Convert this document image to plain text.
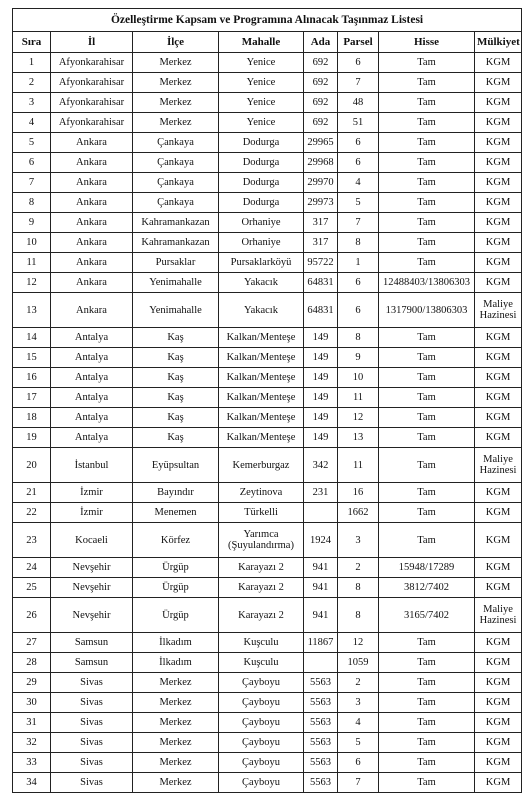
Özelleştirme Kapsam ve Programına Alınacak Taşınmaz Listesi							
Sıra	İl	İlçe	Mahalle	Ada	Parsel	Hisse	Mülkiyet
1	Afyonkarahisar	Merkez	Yenice	692	6	Tam	KGM
2	Afyonkarahisar	Merkez	Yenice	692	7	Tam	KGM
3	Afyonkarahisar	Merkez	Yenice	692	48	Tam	KGM
4	Afyonkarahisar	Merkez	Yenice	692	51	Tam	KGM
5	Ankara	Çankaya	Dodurga	29965	6	Tam	KGM
6	Ankara	Çankaya	Dodurga	29968	6	Tam	KGM
7	Ankara	Çankaya	Dodurga	29970	4	Tam	KGM
8	Ankara	Çankaya	Dodurga	29973	5	Tam	KGM
9	Ankara	Kahramankazan	Orhaniye	317	7	Tam	KGM
10	Ankara	Kahramankazan	Orhaniye	317	8	Tam	KGM
11	Ankara	Pursaklar	Pursaklarköyü	95722	1	Tam	KGM
12	Ankara	Yenimahalle	Yakacık	64831	6	12488403/13806303	KGM
13	Ankara	Yenimahalle	Yakacık	64831	6	1317900/13806303	Maliye Hazinesi
14	Antalya	Kaş	Kalkan/Menteşe	149	8	Tam	KGM
15	Antalya	Kaş	Kalkan/Menteşe	149	9	Tam	KGM
16	Antalya	Kaş	Kalkan/Menteşe	149	10	Tam	KGM
17	Antalya	Kaş	Kalkan/Menteşe	149	11	Tam	KGM
18	Antalya	Kaş	Kalkan/Menteşe	149	12	Tam	KGM
19	Antalya	Kaş	Kalkan/Menteşe	149	13	Tam	KGM
20	İstanbul	Eyüpsultan	Kemerburgaz	342	11	Tam	Maliye Hazinesi
21	İzmir	Bayındır	Zeytinova	231	16	Tam	KGM
22	İzmir	Menemen	Türkelli		1662	Tam	KGM
23	Kocaeli	Körfez	Yarımca (Şuyulandırma)	1924	3	Tam	KGM
24	Nevşehir	Ürgüp	Karayazı 2	941	2	15948/17289	KGM
25	Nevşehir	Ürgüp	Karayazı 2	941	8	3812/7402	KGM
26	Nevşehir	Ürgüp	Karayazı 2	941	8	3165/7402	Maliye Hazinesi
27	Samsun	İlkadım	Kuşculu	11867	12	Tam	KGM
28	Samsun	İlkadım	Kuşculu		1059	Tam	KGM
29	Sivas	Merkez	Çayboyu	5563	2	Tam	KGM
30	Sivas	Merkez	Çayboyu	5563	3	Tam	KGM
31	Sivas	Merkez	Çayboyu	5563	4	Tam	KGM
32	Sivas	Merkez	Çayboyu	5563	5	Tam	KGM
33	Sivas	Merkez	Çayboyu	5563	6	Tam	KGM
34	Sivas	Merkez	Çayboyu	5563	7	Tam	KGM
